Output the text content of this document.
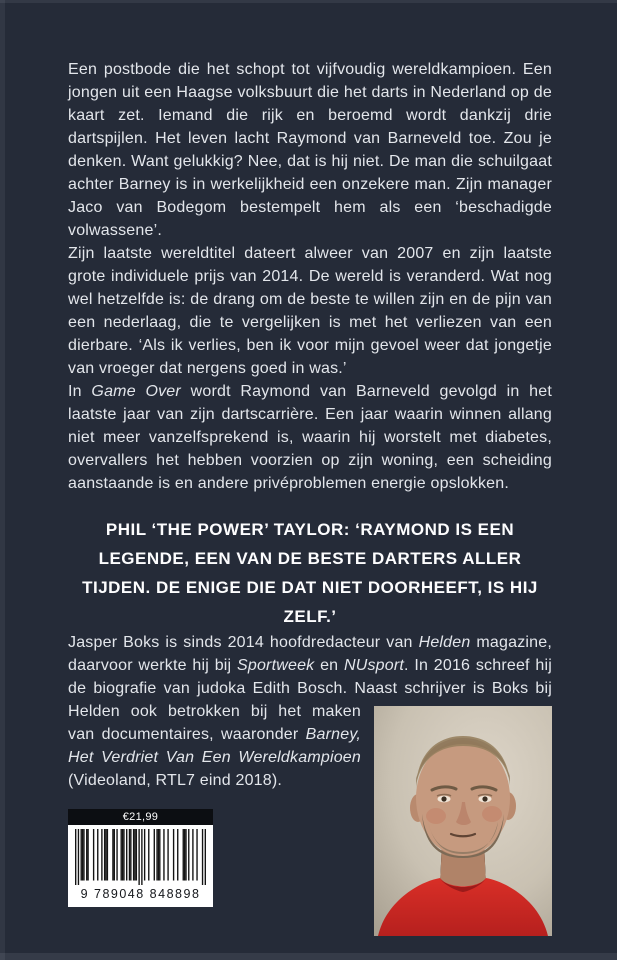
Een postbode die het schopt tot vijfvoudig wereldkampioen. Een jongen uit een Haagse volksbuurt die het darts in Nederland op de kaart zet. Iemand die rijk en beroemd wordt dankzij drie dartspijlen. Het leven lacht Raymond van Barneveld toe. Zou je denken. Want gelukkig? Nee, dat is hij niet. De man die schuilgaat achter Barney is in werkelijkheid een onzekere man. Zijn manager Jaco van Bodegom bestempelt hem als een ‘beschadigde volwassene’.

Zijn laatste wereldtitel dateert alweer van 2007 en zijn laatste grote individuele prijs van 2014. De wereld is veranderd. Wat nog wel hetzelfde is: de drang om de beste te willen zijn en de pijn van een nederlaag, die te vergelijken is met het verliezen van een dierbare. ‘Als ik verlies, ben ik voor mijn gevoel weer dat jongetje van vroeger dat nergens goed in was.’

In Game Over wordt Raymond van Barneveld gevolgd in het laatste jaar van zijn dartscarrière. Een jaar waarin winnen allang niet meer vanzelfsprekend is, waarin hij worstelt met diabetes, overvallers het hebben voorzien op zijn woning, een scheiding aanstaande is en andere privéproblemen energie opslokken.

PHIL ‘THE POWER’ TAYLOR: ‘RAYMOND IS EEN LEGENDE, EEN VAN DE BESTE DARTERS ALLER TIJDEN. DE ENIGE DIE DAT NIET DOORHEEFT, IS HIJ ZELF.’

Jasper Boks is sinds 2014 hoofdredacteur van Helden magazine, daarvoor werkte hij bij Sportweek en NUsport. In 2016 schreef hij de biografie van judoka Edith Bosch. Naast schrijver is Boks bij Helden ook betrokken bij het maken van documentaires, waaronder Barney, Het Verdriet Van Een Wereldkampioen (Videoland, RTL7 eind 2018).

€21,99
9 789048 848898
